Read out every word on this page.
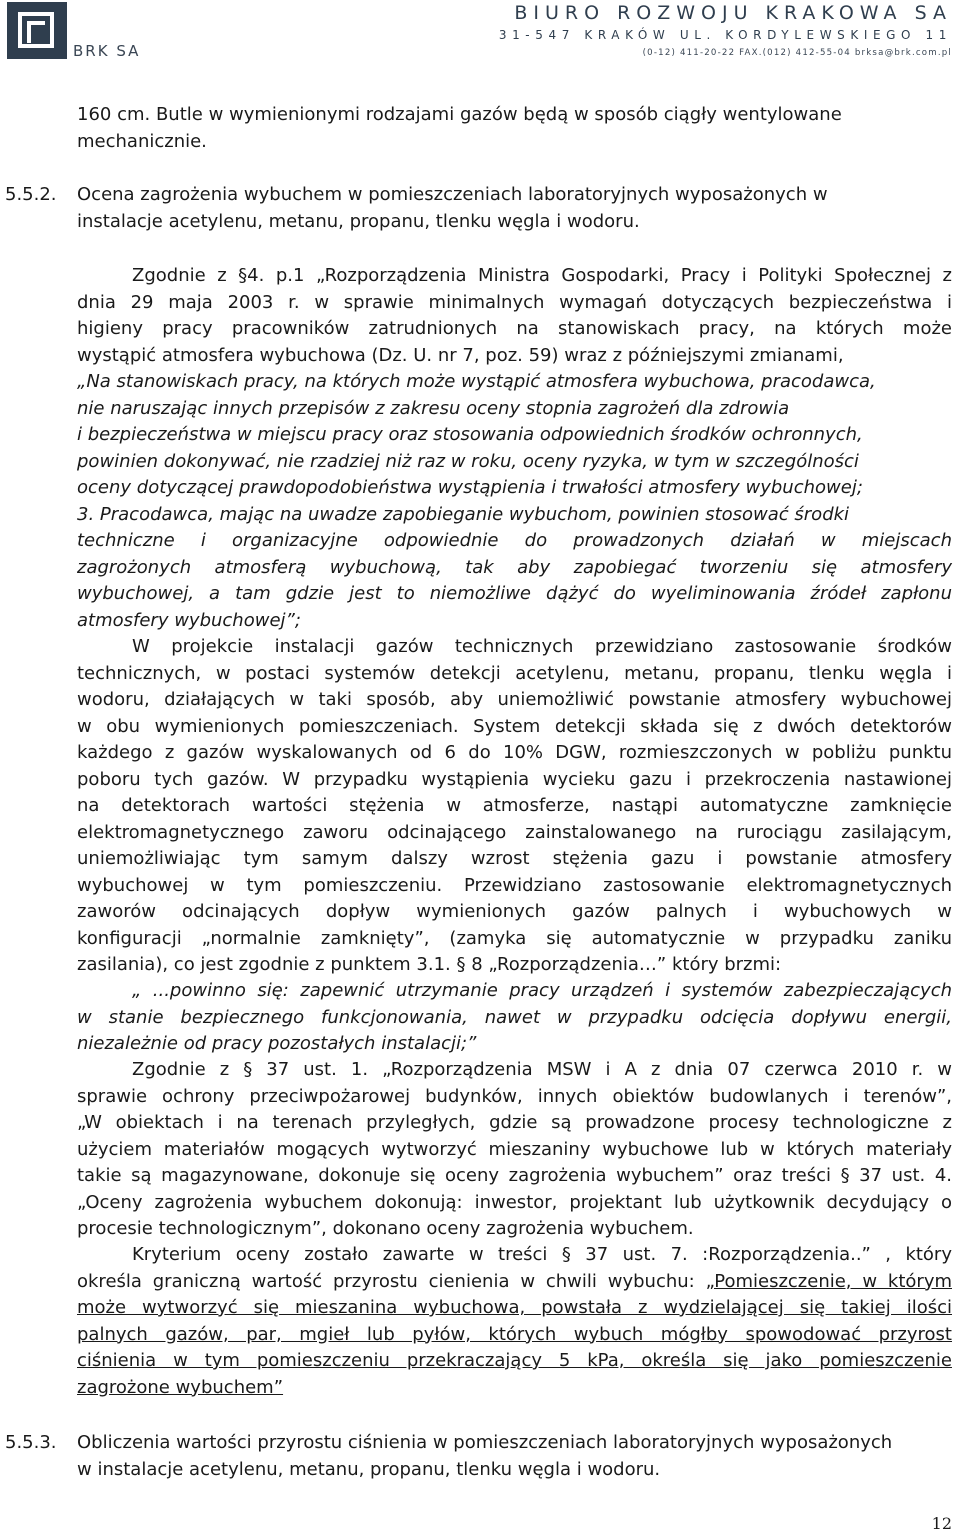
BRK SA
BIURO ROZWOJU KRAKOWA SA
31-547 KRAKÓW UL. KORDYLEWSKIEGO 11
(0-12) 411-20-22 FAX.(012) 412-55-04 brksa@brk.com.pl
160 cm. Butle w wymienionymi rodzajami gazów będą w sposób ciągły wentylowane
mechanicznie.
5.5.2. Ocena zagrożenia wybuchem w pomieszczeniach laboratoryjnych wyposażonych w
instalacje acetylenu, metanu, propanu, tlenku węgla i wodoru.
Zgodnie z §4. p.1 „Rozporządzenia Ministra Gospodarki, Pracy i Polityki Społecznej z
dnia 29 maja 2003 r. w sprawie minimalnych wymagań dotyczących bezpieczeństwa i
higieny pracy pracowników zatrudnionych na stanowiskach pracy, na których może
wystąpić atmosfera wybuchowa (Dz. U. nr 7, poz. 59) wraz z późniejszymi zmianami,
„Na stanowiskach pracy, na których może wystąpić atmosfera wybuchowa, pracodawca,
nie naruszając innych przepisów z zakresu oceny stopnia zagrożeń dla zdrowia
i bezpieczeństwa w miejscu pracy oraz stosowania odpowiednich środków ochronnych,
powinien dokonywać, nie rzadziej niż raz w roku, oceny ryzyka, w tym w szczególności
oceny dotyczącej prawdopodobieństwa wystąpienia i trwałości atmosfery wybuchowej;
3. Pracodawca, mając na uwadze zapobieganie wybuchom, powinien stosować środki
techniczne i organizacyjne odpowiednie do prowadzonych działań w miejscach
zagrożonych atmosferą wybuchową, tak aby zapobiegać tworzeniu się atmosfery
wybuchowej, a tam gdzie jest to niemożliwe dążyć do wyeliminowania źródeł zapłonu
atmosfery wybuchowej”;
W projekcie instalacji gazów technicznych przewidziano zastosowanie środków
technicznych, w postaci systemów detekcji acetylenu, metanu, propanu, tlenku węgla i
wodoru, działających w taki sposób, aby uniemożliwić powstanie atmosfery wybuchowej
w obu wymienionych pomieszczeniach. System detekcji składa się z dwóch detektorów
każdego z gazów wyskalowanych od 6 do 10% DGW, rozmieszczonych w pobliżu punktu
poboru tych gazów. W przypadku wystąpienia wycieku gazu i przekroczenia nastawionej
na detektorach wartości stężenia w atmosferze, nastąpi automatyczne zamknięcie
elektromagnetycznego zaworu odcinającego zainstalowanego na rurociągu zasilającym,
uniemożliwiając tym samym dalszy wzrost stężenia gazu i powstanie atmosfery
wybuchowej w tym pomieszczeniu. Przewidziano zastosowanie elektromagnetycznych
zaworów odcinających dopływ wymienionych gazów palnych i wybuchowych w
konfiguracji „normalnie zamknięty”, (zamyka się automatycznie w przypadku zaniku
zasilania), co jest zgodnie z punktem 3.1. § 8 „Rozporządzenia…” który brzmi:
„ ...powinno się: zapewnić utrzymanie pracy urządzeń i systemów zabezpieczających
w stanie bezpiecznego funkcjonowania, nawet w przypadku odcięcia dopływu energii,
niezależnie od pracy pozostałych instalacji;”
Zgodnie z § 37 ust. 1. „Rozporządzenia MSW i A z dnia 07 czerwca 2010 r. w
sprawie ochrony przeciwpożarowej budynków, innych obiektów budowlanych i terenów”,
„W obiektach i na terenach przyległych, gdzie są prowadzone procesy technologiczne z
użyciem materiałów mogących wytworzyć mieszaniny wybuchowe lub w których materiały
takie są magazynowane, dokonuje się oceny zagrożenia wybuchem” oraz treści § 37 ust. 4.
„Oceny zagrożenia wybuchem dokonują: inwestor, projektant lub użytkownik decydujący o
procesie technologicznym”, dokonano oceny zagrożenia wybuchem.
Kryterium oceny zostało zawarte w treści § 37 ust. 7. :Rozporządzenia..” , który
określa graniczną wartość przyrostu cienienia w chwili wybuchu: „Pomieszczenie, w którym
może wytworzyć się mieszanina wybuchowa, powstała z wydzielającej się takiej ilości
palnych gazów, par, mgieł lub pyłów, których wybuch mógłby spowodować przyrost
ciśnienia w tym pomieszczeniu przekraczający 5 kPa, określa się jako pomieszczenie
zagrożone wybuchem”
5.5.3. Obliczenia wartości przyrostu ciśnienia w pomieszczeniach laboratoryjnych wyposażonych
w instalacje acetylenu, metanu, propanu, tlenku węgla i wodoru.
12
